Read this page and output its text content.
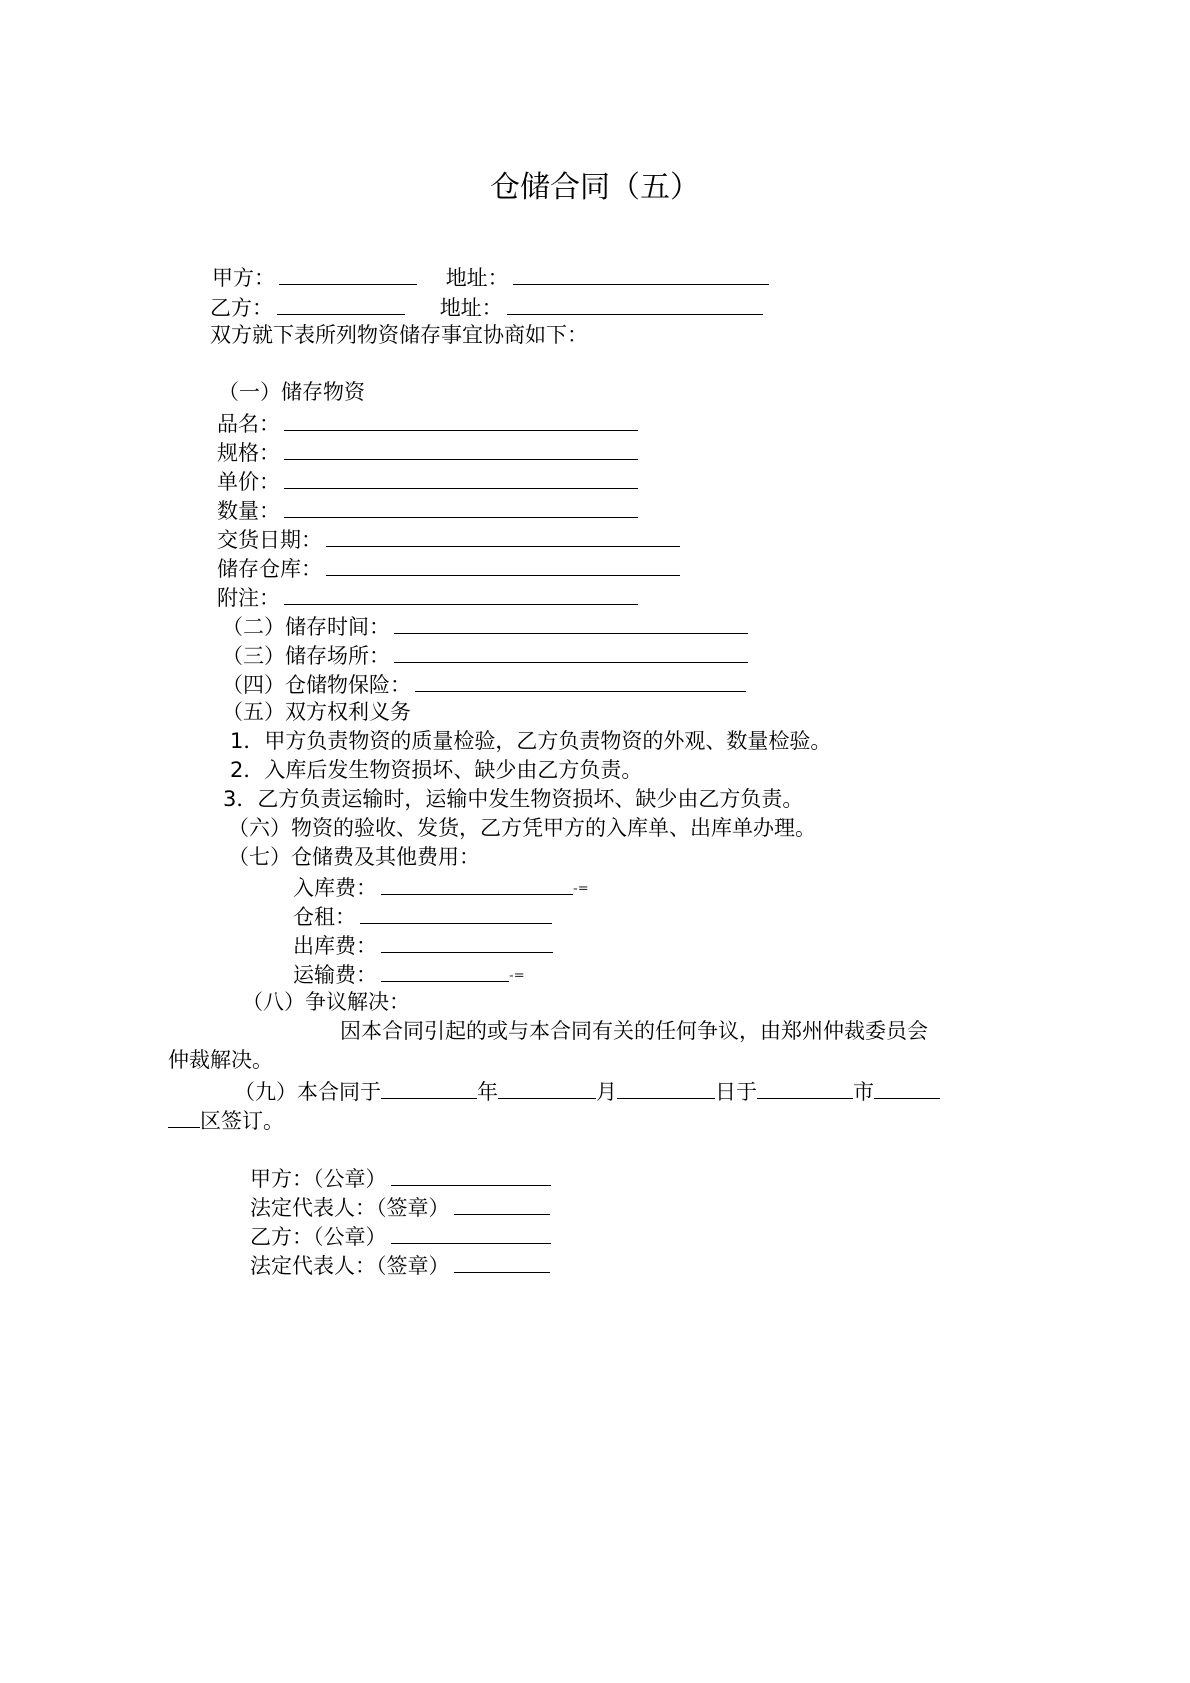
仓储合同（五）
甲方：	地址：
乙方：	地址：
双方就下表所列物资储存事宜协商如下：
（一）储存物资
品名：
规格：
单价：
数量：
交货日期：
储存仓库：
附注：
（二）储存时间：
（三）储存场所：
（四）仓储物保险：
（五）双方权利义务
1．甲方负责物资的质量检验，乙方负责物资的外观、数量检验。
2．入库后发生物资损坏、缺少由乙方负责。
3．乙方负责运输时，运输中发生物资损坏、缺少由乙方负责。
（六）物资的验收、发货，乙方凭甲方的入库单、出库单办理。
（七）仓储费及其他费用：
入库费：	-=
仓租：
出库费：
运输费：	-=
（八）争议解决：
因本合同引起的或与本合同有关的任何争议，由郑州仲裁委员会
仲裁解决。
（九）本合同于	年	月	日于	市
区签订。
甲方：（公章）
法定代表人：（签章）
乙方：（公章）
法定代表人：（签章）
